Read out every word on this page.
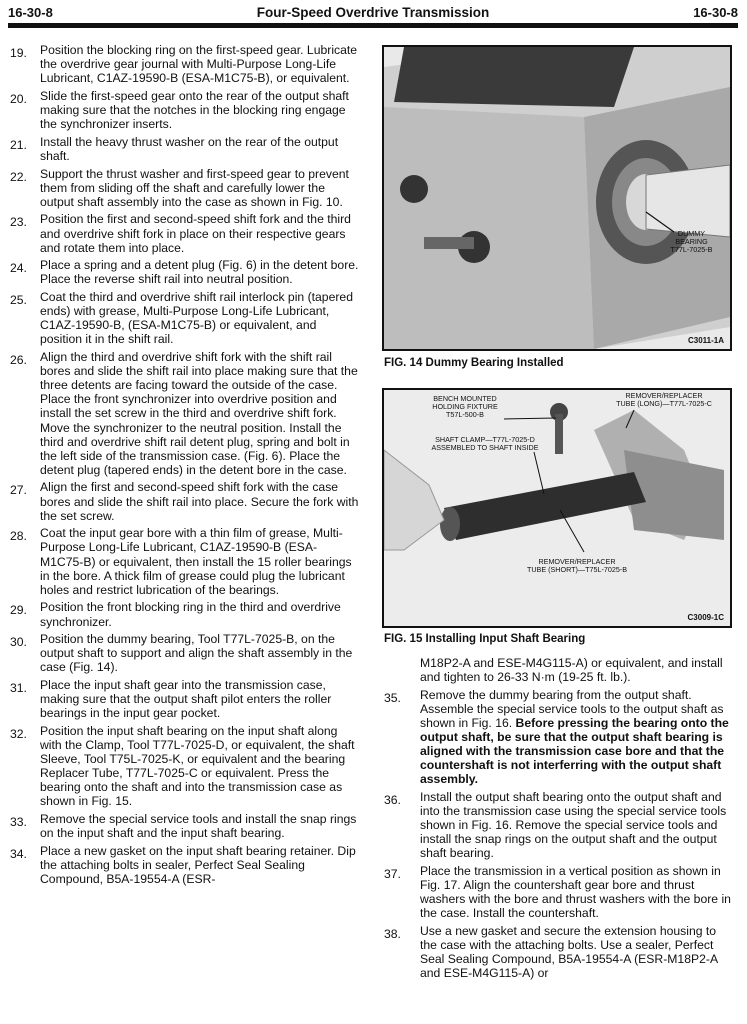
16-30-8	Four-Speed Overdrive Transmission	16-30-8
19. Position the blocking ring on the first-speed gear. Lubricate the overdrive gear journal with Multi-Purpose Long-Life Lubricant, C1AZ-19590-B (ESA-M1C75-B), or equivalent.
20. Slide the first-speed gear onto the rear of the output shaft making sure that the notches in the blocking ring engage the synchronizer inserts.
21. Install the heavy thrust washer on the rear of the output shaft.
22. Support the thrust washer and first-speed gear to prevent them from sliding off the shaft and carefully lower the output shaft assembly into the case as shown in Fig. 10.
23. Position the first and second-speed shift fork and the third and overdrive shift fork in place on their respective gears and rotate them into place.
24. Place a spring and a detent plug (Fig. 6) in the detent bore. Place the reverse shift rail into neutral position.
25. Coat the third and overdrive shift rail interlock pin (tapered ends) with grease, Multi-Purpose Long-Life Lubricant, C1AZ-19590-B, (ESA-M1C75-B) or equivalent, and position it in the shift rail.
26. Align the third and overdrive shift fork with the shift rail bores and slide the shift rail into place making sure that the three detents are facing toward the outside of the case. Place the front synchronizer into overdrive position and install the set screw in the third and overdrive shift fork. Move the synchronizer to the neutral position. Install the third and overdrive shift rail detent plug, spring and bolt in the left side of the transmission case. (Fig. 6). Place the detent plug (tapered ends) in the detent bore in the case.
27. Align the first and second-speed shift fork with the case bores and slide the shift rail into place. Secure the fork with the set screw.
28. Coat the input gear bore with a thin film of grease, Multi-Purpose Long-Life Lubricant, C1AZ-19590-B (ESA-M1C75-B) or equivalent, then install the 15 roller bearings in the bore. A thick film of grease could plug the lubricant holes and restrict lubrication of the bearings.
29. Position the front blocking ring in the third and overdrive synchronizer.
30. Position the dummy bearing, Tool T77L-7025-B, on the output shaft to support and align the shaft assembly in the case (Fig. 14).
31. Place the input shaft gear into the transmission case, making sure that the output shaft pilot enters the roller bearings in the input gear pocket.
32. Position the input shaft bearing on the input shaft along with the Clamp, Tool T77L-7025-D, or equivalent, the shaft Sleeve, Tool T75L-7025-K, or equivalent and the bearing Replacer Tube, T77L-7025-C or equivalent. Press the bearing onto the shaft and into the transmission case as shown in Fig. 15.
33. Remove the special service tools and install the snap rings on the input shaft and the input shaft bearing.
34. Place a new gasket on the input shaft bearing retainer. Dip the attaching bolts in sealer, Perfect Seal Sealing Compound, B5A-19554-A (ESR-
DUMMY
BEARING
T77L-7025-B
C3011-1A
FIG. 14 Dummy Bearing Installed
BENCH MOUNTED
HOLDING FIXTURE
T57L-500-B
REMOVER/REPLACER
TUBE (LONG)—T77L-7025-C
SHAFT CLAMP—T77L-7025-D
ASSEMBLED TO SHAFT INSIDE
REMOVER/REPLACER
TUBE (SHORT)—T75L-7025-B
C3009-1C
FIG. 15 Installing Input Shaft Bearing
M18P2-A and ESE-M4G115-A) or equivalent, and install and tighten to 26-33 N·m (19-25 ft. lb.).
35. Remove the dummy bearing from the output shaft. Assemble the special service tools to the output shaft as shown in Fig. 16. Before pressing the bearing onto the output shaft, be sure that the output shaft bearing is aligned with the transmission case bore and that the countershaft is not interferring with the output shaft assembly.
36. Install the output shaft bearing onto the output shaft and into the transmission case using the special service tools shown in Fig. 16. Remove the special service tools and install the snap rings on the output shaft and the output shaft bearing.
37. Place the transmission in a vertical position as shown in Fig. 17. Align the countershaft gear bore and thrust washers with the bore and thrust washers with the bore in the case. Install the countershaft.
38. Use a new gasket and secure the extension housing to the case with the attaching bolts. Use a sealer, Perfect Seal Sealing Compound, B5A-19554-A (ESR-M18P2-A and ESE-M4G115-A) or
